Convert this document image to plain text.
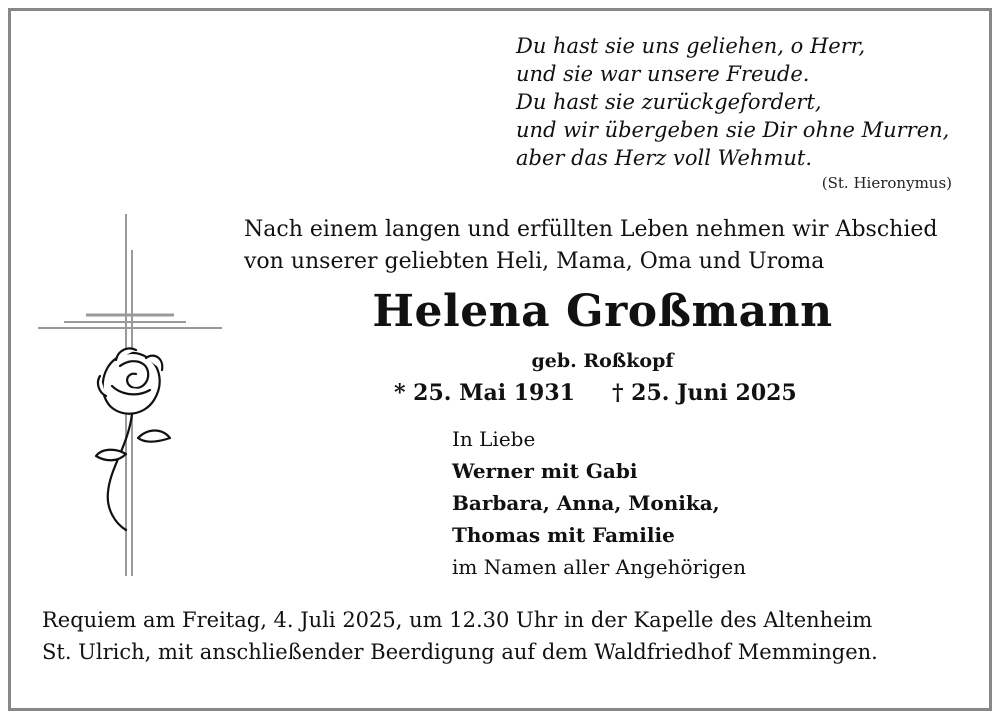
Du hast sie uns geliehen, o Herr,
und sie war unsere Freude.
Du hast sie zurückgefordert,
und wir übergeben sie Dir ohne Murren,
aber das Herz voll Wehmut.
(St. Hieronymus)
Nach einem langen und erfüllten Leben nehmen wir Abschied
von unserer geliebten Heli, Mama, Oma und Uroma
Helena Großmann
geb. Roßkopf
* 25. Mai 1931 † 25. Juni 2025
In Liebe
Werner mit Gabi
Barbara, Anna, Monika,
Thomas mit Familie
im Namen aller Angehörigen
Requiem am Freitag, 4. Juli 2025, um 12.30 Uhr in der Kapelle des Altenheim
St. Ulrich, mit anschließender Beerdigung auf dem Waldfriedhof Memmingen.
